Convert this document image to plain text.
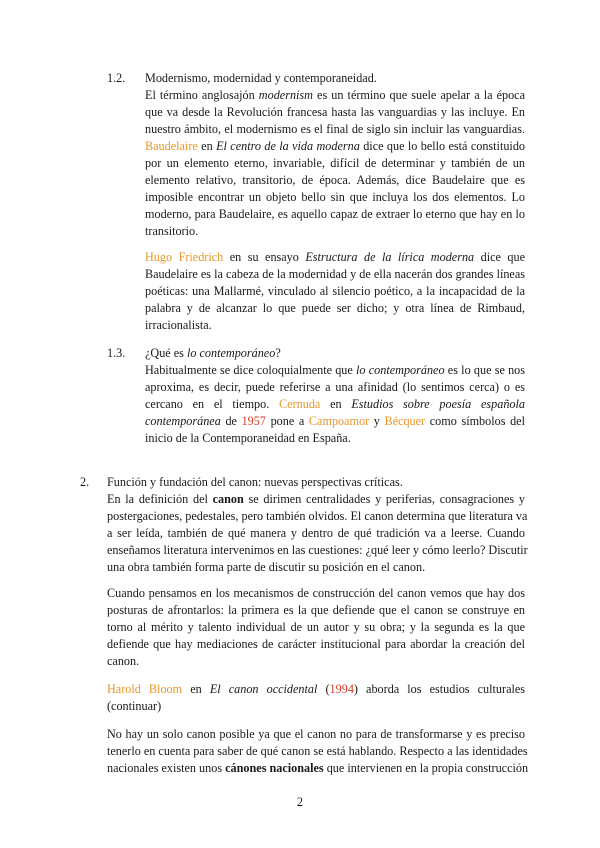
1.2. Modernismo, modernidad y contemporaneidad.
El término anglosajón modernism es un término que suele apelar a la época
que va desde la Revolución francesa hasta las vanguardias y las incluye. En
nuestro ámbito, el modernismo es el final de siglo sin incluir las vanguardias.
Baudelaire en El centro de la vida moderna dice que lo bello está constituido
por un elemento eterno, invariable, difícil de determinar y también de un
elemento relativo, transitorio, de época. Además, dice Baudelaire que es
imposible encontrar un objeto bello sin que incluya los dos elementos. Lo
moderno, para Baudelaire, es aquello capaz de extraer lo eterno que hay en lo
transitorio.
Hugo Friedrich en su ensayo Estructura de la lírica moderna dice que
Baudelaire es la cabeza de la modernidad y de ella nacerán dos grandes líneas
poéticas: una Mallarmé, vinculado al silencio poético, a la incapacidad de la
palabra y de alcanzar lo que puede ser dicho; y otra línea de Rimbaud,
irracionalista.
1.3. ¿Qué es lo contemporáneo?
Habitualmente se dice coloquialmente que lo contemporáneo es lo que se nos
aproxima, es decir, puede referirse a una afinidad (lo sentimos cerca) o es
cercano en el tiempo. Cernuda en Estudios sobre poesía española
contemporánea de 1957 pone a Campoamor y Bécquer como símbolos del
inicio de la Contemporaneidad en España.
2. Función y fundación del canon: nuevas perspectivas críticas.
En la definición del canon se dirimen centralidades y periferias, consagraciones y
postergaciones, pedestales, pero también olvidos. El canon determina que literatura va
a ser leída, también de qué manera y dentro de qué tradición va a leerse. Cuando
enseñamos literatura intervenimos en las cuestiones: ¿qué leer y cómo leerlo? Discutir
una obra también forma parte de discutir su posición en el canon.
Cuando pensamos en los mecanismos de construcción del canon vemos que hay dos
posturas de afrontarlos: la primera es la que defiende que el canon se construye en
torno al mérito y talento individual de un autor y su obra; y la segunda es la que
defiende que hay mediaciones de carácter institucional para abordar la creación del
canon.
Harold Bloom en El canon occidental (1994) aborda los estudios culturales
(continuar)
No hay un solo canon posible ya que el canon no para de transformarse y es preciso
tenerlo en cuenta para saber de qué canon se está hablando. Respecto a las identidades
nacionales existen unos cánones nacionales que intervienen en la propia construcción
2
